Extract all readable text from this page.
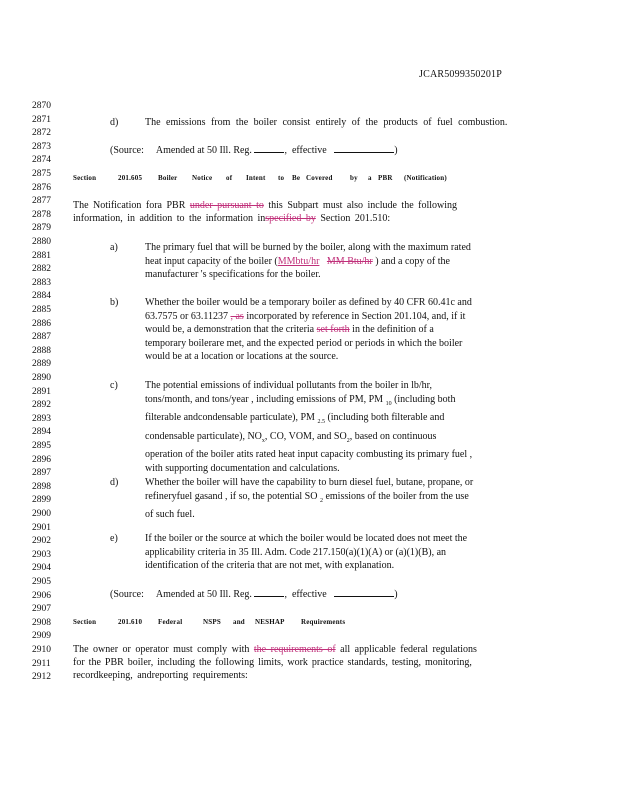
JCAR5099350201P
2870
2871
2872
2873
2874
2875
2876
2877
2878
2879
2880
2881
2882
2883
2884
2885
2886
2887
2888
2889
2890
2891
2892
2893
2894
2895
2896
2897
2898
2899
2900
2901
2902
2903
2904
2905
2906
2907
2908
2909
2910
2911
2912
d)	The emissions from the boiler consist entirely of the products of fuel combustion.
(Source: Amended at 50 Ill. Reg.	,  effective	)
Section	201.605 Boiler Notice of Intent to Be Covered by a PBR (Notification)
The Notification fora PBR under pursuant to this Subpart must also include the following
information, in addition to the information inspecified by Section 201.510:
a)	The primary fuel that will be burned by the boiler, along with the maximum rated
heat input capacity of the boiler (MMbtu/hr MM Btu/hr ) and a copy of the
manufacturer 's specifications for the boiler.
b)	Whether the boiler would be a temporary boiler as defined by 40 CFR 60.41c and
63.7575 or 63.11237 , as incorporated by reference in Section 201.104, and, if it
would be, a demonstration that the criteria set forth in the definition of a
temporary boilerare met, and the expected period or periods in which the boiler
would be at a location or locations at the source.
c)	The potential emissions of individual pollutants from the boiler in lb/hr,
tons/month, and tons/year , including emissions of PM, PM $_{10}$ (including both
filterable andcondensable particulate), PM $_{2.5}$ (including both filterable and
condensable particulate), $NO_x$, CO, VOM, and $SO_2$, based on continuous
operation of the boiler atits rated heat input capacity combusting its primary fuel ,
with supporting documentation and calculations.
d)	Whether the boiler will have the capability to burn diesel fuel, butane, propane, or
refineryfuel gasand , if so, the potential SO $_2$ emissions of the boiler from the use
of such fuel.
e)	If the boiler or the source at which the boiler would be located does not meet the
applicability criteria in 35 Ill. Adm. Code 217.150(a)(1)(A) or (a)(1)(B), an
identification of the criteria that are not met, with explanation.
(Source: Amended at 50 Ill. Reg.	,  effective	)
Section	201.610 Federal	NSPS and NESHAP Requirements
The owner or operator must comply with the requirements of all applicable federal regulations
for the PBR boiler, including the following limits, work practice standards, testing, monitoring,
recordkeeping, andreporting requirements:
